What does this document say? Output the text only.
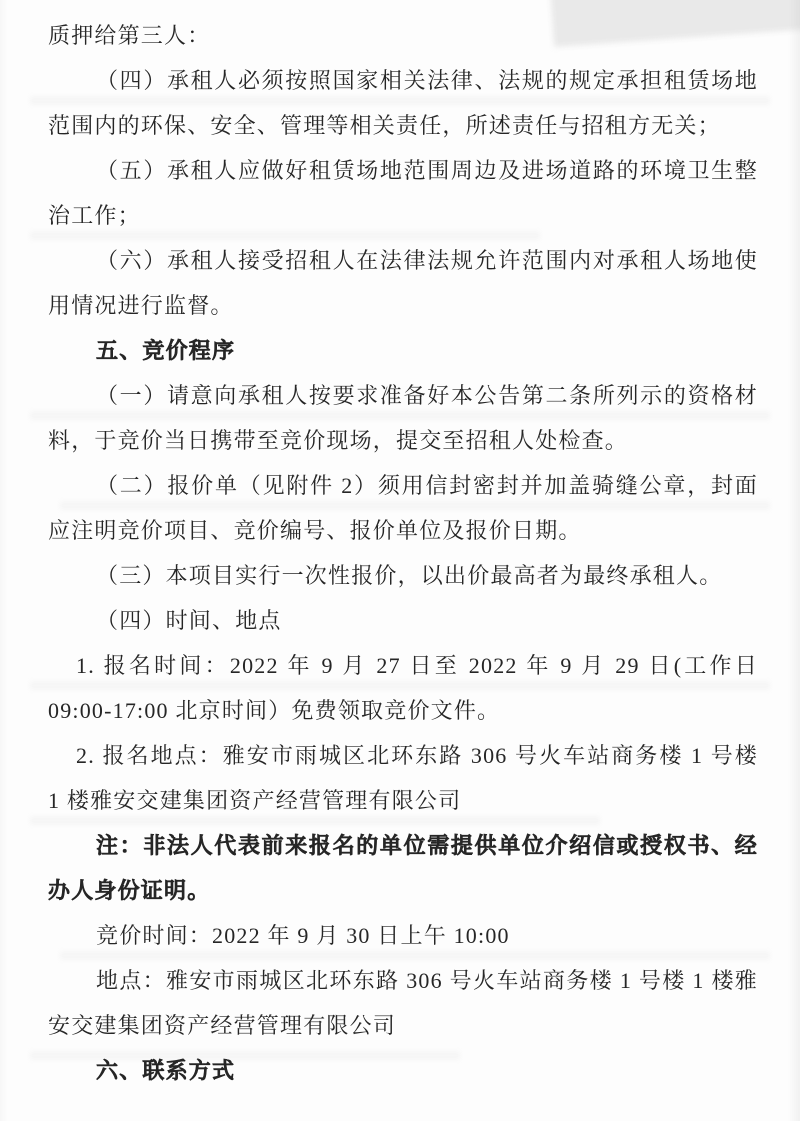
质押给第三人：
（四）承租人必须按照国家相关法律、法规的规定承担租赁场地
范围内的环保、安全、管理等相关责任，所述责任与招租方无关；
（五）承租人应做好租赁场地范围周边及进场道路的环境卫生整
治工作；
（六）承租人接受招租人在法律法规允许范围内对承租人场地使
用情况进行监督。
五、竞价程序
（一）请意向承租人按要求准备好本公告第二条所列示的资格材
料，于竞价当日携带至竞价现场，提交至招租人处检查。
（二）报价单（见附件 2）须用信封密封并加盖骑缝公章，封面
应注明竞价项目、竞价编号、报价单位及报价日期。
（三）本项目实行一次性报价，以出价最高者为最终承租人。
（四）时间、地点
1. 报名时间：2022 年 9 月 27 日至 2022 年 9 月 29 日(工作日
09:00-17:00 北京时间）免费领取竞价文件。
2. 报名地点：雅安市雨城区北环东路 306 号火车站商务楼 1 号楼
1 楼雅安交建集团资产经营管理有限公司
注：非法人代表前来报名的单位需提供单位介绍信或授权书、经
办人身份证明。
竞价时间：2022 年 9 月 30 日上午 10:00
地点：雅安市雨城区北环东路 306 号火车站商务楼 1 号楼 1 楼雅
安交建集团资产经营管理有限公司
六、联系方式
